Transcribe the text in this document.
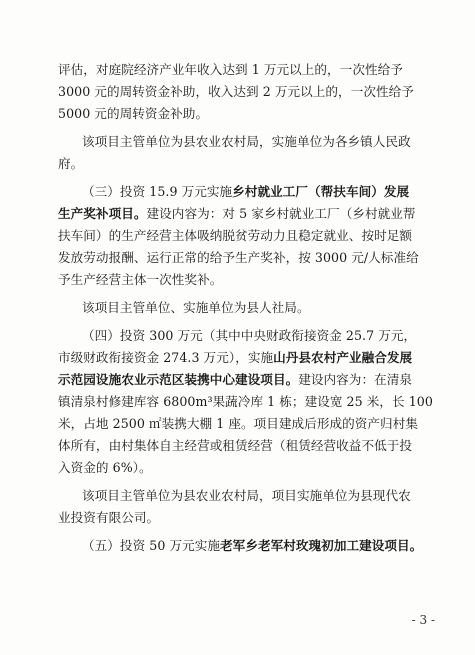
评估，对庭院经济产业年收入达到 1 万元以上的，一次性给予
3000 元的周转资金补助，收入达到 2 万元以上的，一次性给予
5000 元的周转资金补助。
该项目主管单位为县农业农村局，实施单位为各乡镇人民政
府。
（三）投资 15.9 万元实施乡村就业工厂（帮扶车间）发展
生产奖补项目。建设内容为：对 5 家乡村就业工厂（乡村就业帮
扶车间）的生产经营主体吸纳脱贫劳动力且稳定就业、按时足额
发放劳动报酬、运行正常的给予生产奖补，按 3000 元/人标准给
予生产经营主体一次性奖补。
该项目主管单位、实施单位为县人社局。
（四）投资 300 万元（其中中央财政衔接资金 25.7 万元，
市级财政衔接资金 274.3 万元），实施山丹县农村产业融合发展
示范园设施农业示范区装携中心建设项目。建设内容为：在清泉
镇清泉村修建库容 6800m³果蔬冷库 1 栋；建设宽 25 米，长 100
米，占地 2500 ㎡装携大棚 1 座。项目建成后形成的资产归村集
体所有，由村集体自主经营或租赁经营（租赁经营收益不低于投
入资金的 6%）。
该项目主管单位为县农业农村局，项目实施单位为县现代农
业投资有限公司。
（五）投资 50 万元实施老军乡老军村玫瑰初加工建设项目。
- 3 -
